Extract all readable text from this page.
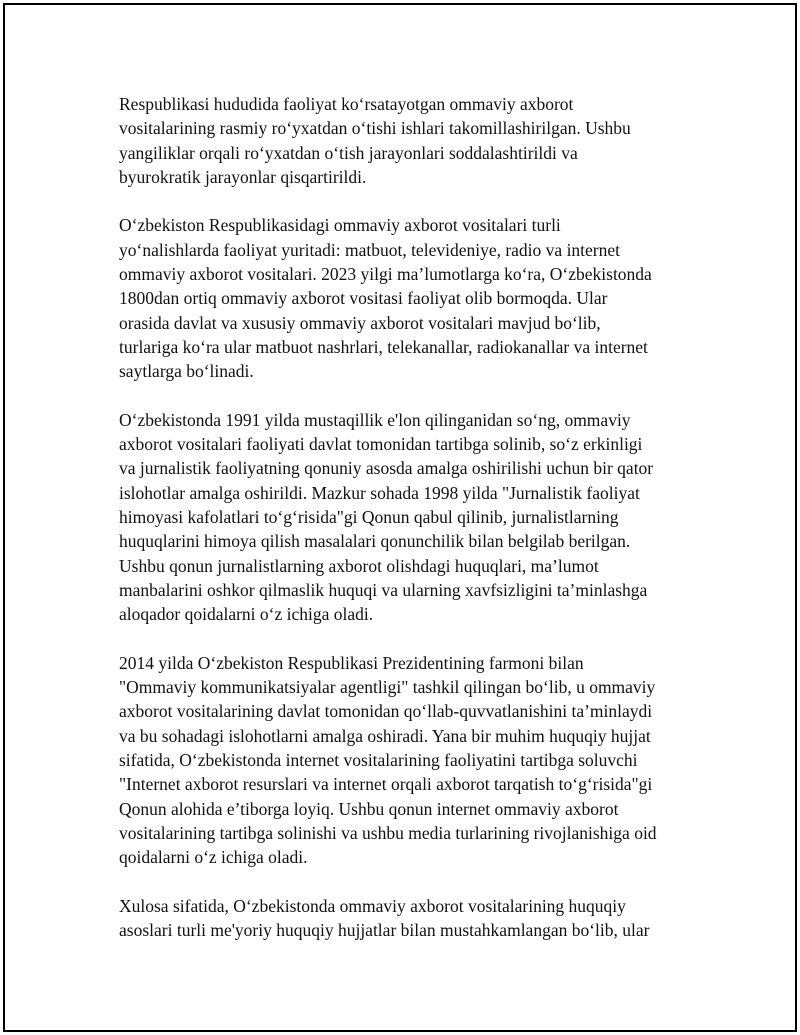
Respublikasi hududida faoliyat ko‘rsatayotgan ommaviy axborot
vositalarining rasmiy ro‘yxatdan o‘tishi ishlari takomillashirilgan. Ushbu
yangiliklar orqali ro‘yxatdan o‘tish jarayonlari soddalashtirildi va
byurokratik jarayonlar qisqartirildi.
O‘zbekiston Respublikasidagi ommaviy axborot vositalari turli
yo‘nalishlarda faoliyat yuritadi: matbuot, televideniye, radio va internet
ommaviy axborot vositalari. 2023 yilgi ma’lumotlarga ko‘ra, O‘zbekistonda
1800dan ortiq ommaviy axborot vositasi faoliyat olib bormoqda. Ular
orasida davlat va xususiy ommaviy axborot vositalari mavjud bo‘lib,
turlariga ko‘ra ular matbuot nashrlari, telekanallar, radiokanallar va internet
saytlarga bo‘linadi.
O‘zbekistonda 1991 yilda mustaqillik e'lon qilinganidan so‘ng, ommaviy
axborot vositalari faoliyati davlat tomonidan tartibga solinib, so‘z erkinligi
va jurnalistik faoliyatning qonuniy asosda amalga oshirilishi uchun bir qator
islohotlar amalga oshirildi. Mazkur sohada 1998 yilda "Jurnalistik faoliyat
himoyasi kafolatlari to‘g‘risida"gi Qonun qabul qilinib, jurnalistlarning
huquqlarini himoya qilish masalalari qonunchilik bilan belgilab berilgan.
Ushbu qonun jurnalistlarning axborot olishdagi huquqlari, ma’lumot
manbalarini oshkor qilmaslik huquqi va ularning xavfsizligini ta’minlashga
aloqador qoidalarni o‘z ichiga oladi.
2014 yilda O‘zbekiston Respublikasi Prezidentining farmoni bilan
"Ommaviy kommunikatsiyalar agentligi" tashkil qilingan bo‘lib, u ommaviy
axborot vositalarining davlat tomonidan qo‘llab-quvvatlanishini ta’minlaydi
va bu sohadagi islohotlarni amalga oshiradi. Yana bir muhim huquqiy hujjat
sifatida, O‘zbekistonda internet vositalarining faoliyatini tartibga soluvchi
"Internet axborot resurslari va internet orqali axborot tarqatish to‘g‘risida"gi
Qonun alohida e’tiborga loyiq. Ushbu qonun internet ommaviy axborot
vositalarining tartibga solinishi va ushbu media turlarining rivojlanishiga oid
qoidalarni o‘z ichiga oladi.
Xulosa sifatida, O‘zbekistonda ommaviy axborot vositalarining huquqiy
asoslari turli me'yoriy huquqiy hujjatlar bilan mustahkamlangan bo‘lib, ular
